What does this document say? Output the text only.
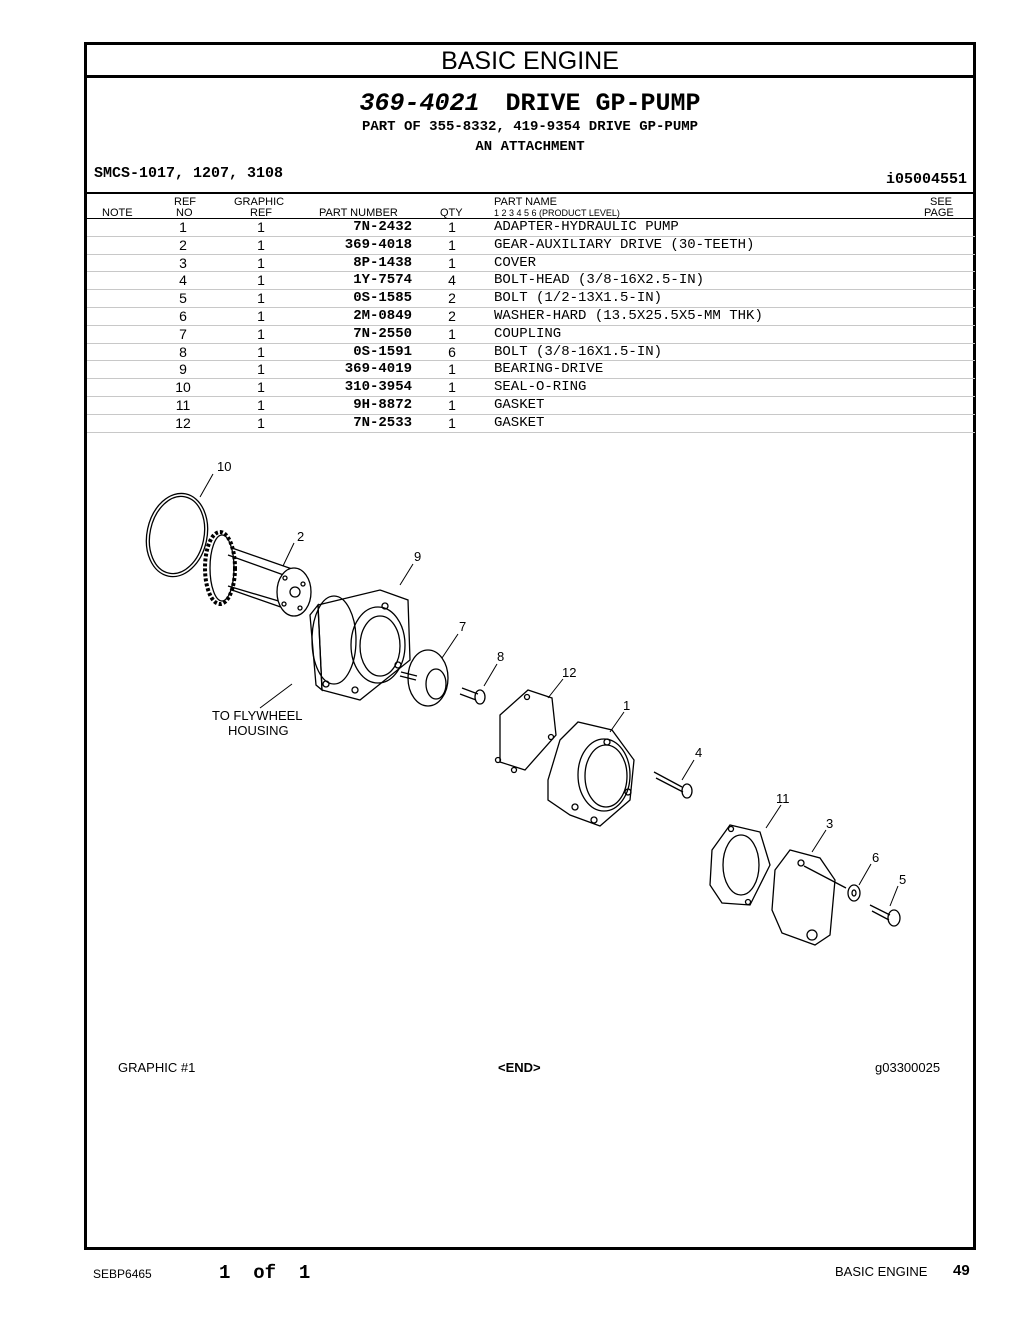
BASIC ENGINE
369-4021 DRIVE GP-PUMP
PART OF 355-8332, 419-9354 DRIVE GP-PUMP
AN ATTACHMENT
SMCS-1017, 1207, 3108	i05004551
NOTE
REF
NO
GRAPHIC
REF	PART NUMBER	QTY
PART NAME
1 2 3 4 5 6 (PRODUCT LEVEL)
SEE
PAGE
1	1	7N-2432	1	ADAPTER-HYDRAULIC PUMP
2	1	369-4018	1	GEAR-AUXILIARY DRIVE (30-TEETH)
3	1	8P-1438	1	COVER
4	1	1Y-7574	4	BOLT-HEAD (3/8-16X2.5-IN)
5	1	0S-1585	2	BOLT (1/2-13X1.5-IN)
6	1	2M-0849	2	WASHER-HARD (13.5X25.5X5-MM THK)
7	1	7N-2550	1	COUPLING
8	1	0S-1591	6	BOLT (3/8-16X1.5-IN)
9	1	369-4019	1	BEARING-DRIVE
10	1	310-3954	1	SEAL-O-RING
11	1	9H-8872	1	GASKET
12	1	7N-2533	1	GASKET
10
2
9
7
8
12
1
4
11
3
6
5
TO FLYWHEEL
HOUSING
GRAPHIC #1	<END>	g03300025
SEBP6465	1  of  1	BASIC ENGINE 49
